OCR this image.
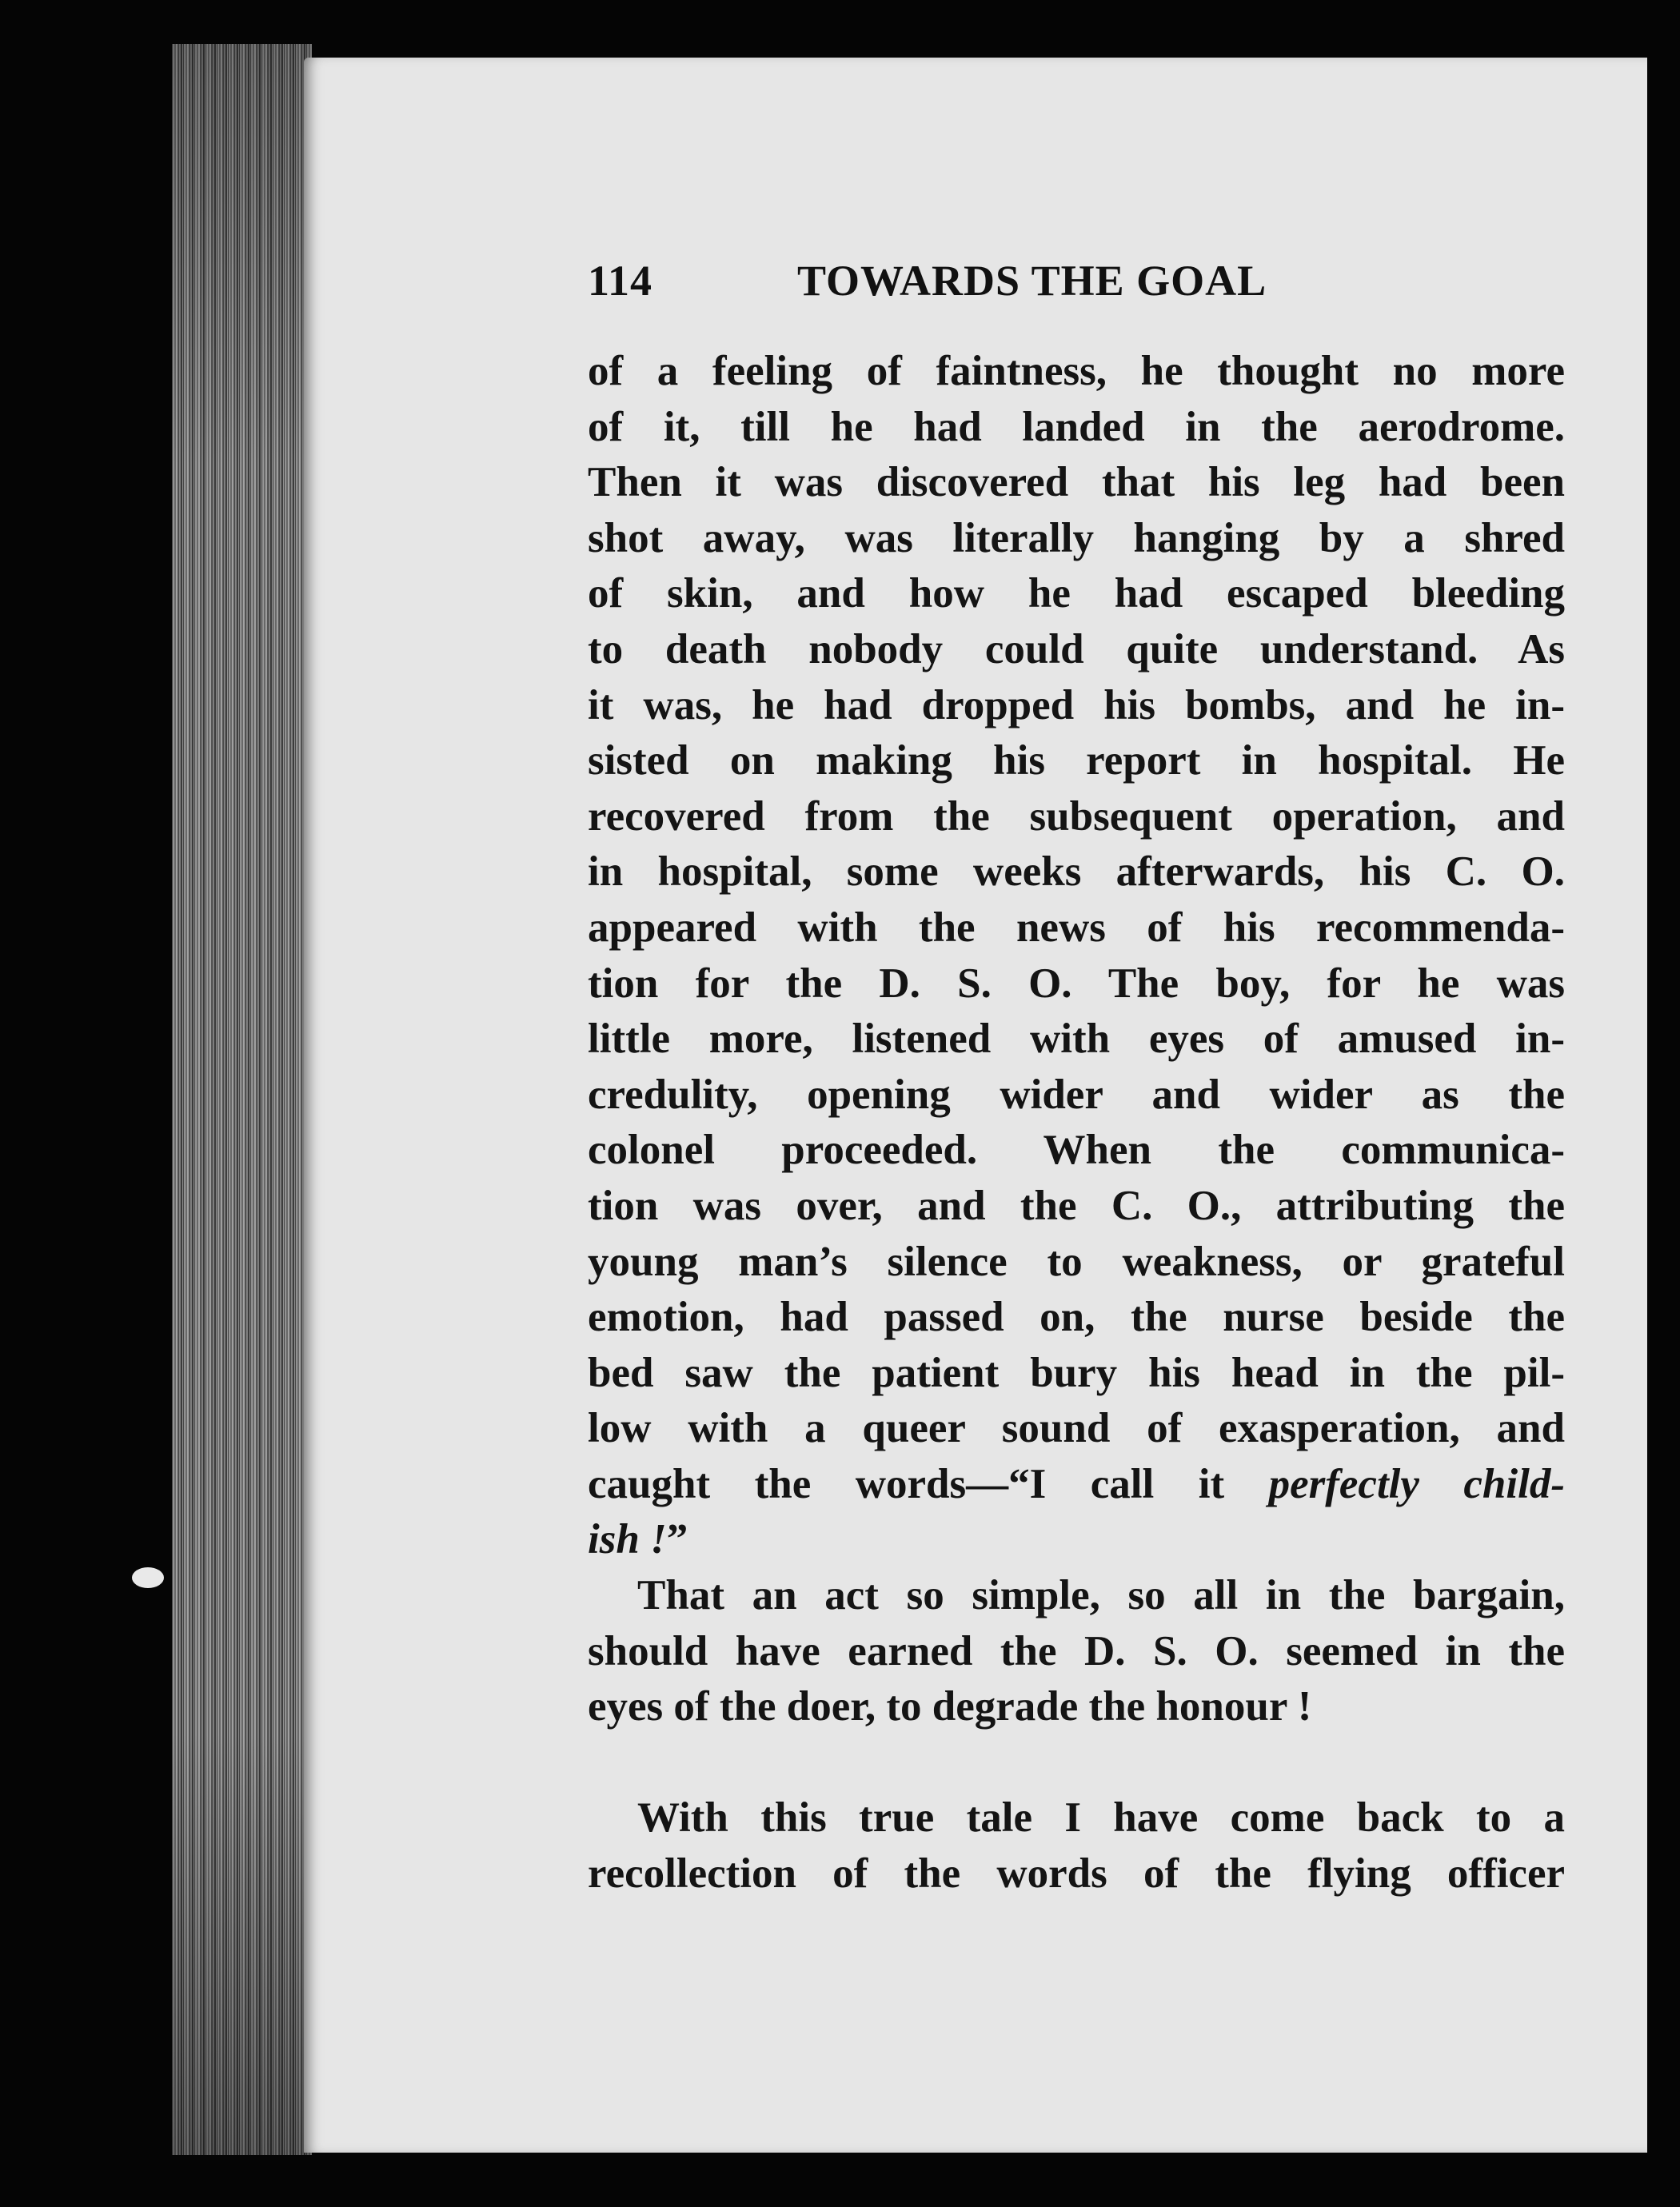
114	TOWARDS THE GOAL
of a feeling of faintness, he thought no more
of it, till he had landed in the aerodrome.
Then it was discovered that his leg had been
shot away, was literally hanging by a shred
of skin, and how he had escaped bleeding
to death nobody could quite understand. As
it was, he had dropped his bombs, and he in-
sisted on making his report in hospital. He
recovered from the subsequent operation, and
in hospital, some weeks afterwards, his C. O.
appeared with the news of his recommenda-
tion for the D. S. O. The boy, for he was
little more, listened with eyes of amused in-
credulity, opening wider and wider as the
colonel proceeded. When the communica-
tion was over, and the C. O., attributing the
young man’s silence to weakness, or grateful
emotion, had passed on, the nurse beside the
bed saw the patient bury his head in the pil-
low with a queer sound of exasperation, and
caught the words—“I call it perfectly child-
ish !”
That an act so simple, so all in the bargain,
should have earned the D. S. O. seemed in the
eyes of the doer, to degrade the honour !
With this true tale I have come back to a
recollection of the words of the flying officer
